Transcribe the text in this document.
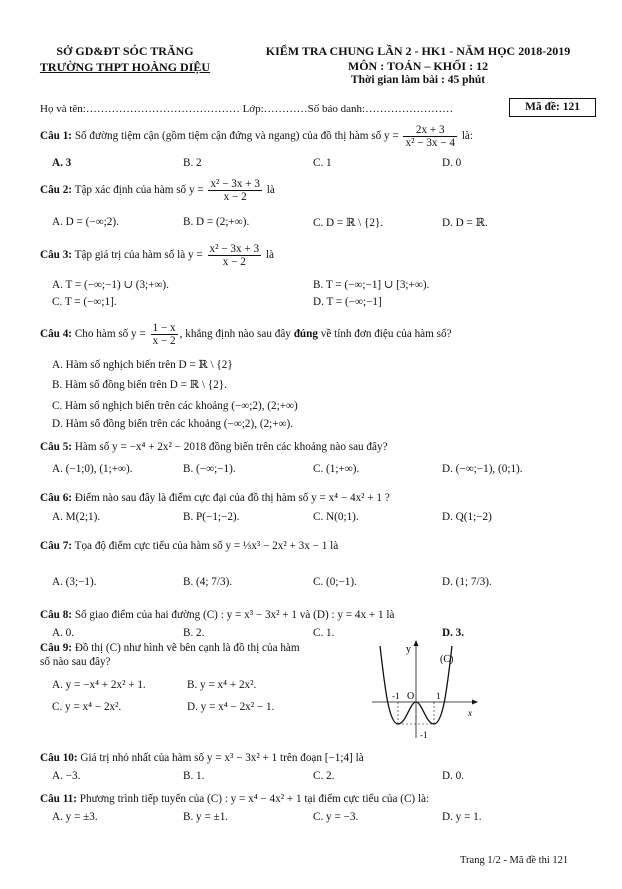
SỞ GD&ĐT SÓC TRĂNG
TRƯỜNG THPT HOÀNG DIỆU
KIỂM TRA CHUNG LẦN 2 - HK1 - NĂM HỌC 2018-2019
MÔN : TOÁN – KHỐI : 12
Thời gian làm bài : 45 phút
Họ và tên:…………………………………… Lớp:…………Số báo danh:……………………	Mã đề: 121
Câu 1: Số đường tiệm cận (gồm tiệm cận đứng và ngang) của đồ thị hàm số $y = \frac{2x + 3}{\text{x² − 3x − 4}}$ là:
A. 3	B. 2	C. 1	D. 0
Câu 2: Tập xác định của hàm số $y = \frac{\text{x² − 3x + 3}}{x - 2}$ là
A. D = (−∞;2).	B. D = (2;+∞).	C. D = ℝ \ {2}.	D. D = ℝ.
Câu 3: Tập giá trị của hàm số là $y = \frac{\text{x² − 3x + 3}}{x - 2}$ là
A. T = (−∞;−1) ∪ (3;+∞).	B. T = (−∞;−1] ∪ [3;+∞).
C. T = (−∞;1].	D. T = (−∞;−1]
Câu 4: Cho hàm số $y = \frac{1 - x}{x - 2}$ , khẳng định nào sau đây đúng về tính đơn điệu của hàm số?
A. Hàm số nghịch biến trên D = ℝ \ {2}
B. Hàm số đồng biến trên D = ℝ \ {2}.
C. Hàm số nghịch biến trên các khoảng (−∞;2), (2;+∞)
D. Hàm số đồng biến trên các khoảng (−∞;2), (2;+∞).
Câu 5: Hàm số y = −x⁴ + 2x² − 2018 đồng biến trên các khoảng nào sau đây?
A. (−1;0), (1;+∞).	B. (−∞;−1).	C. (1;+∞).	D. (−∞;−1), (0;1).
Câu 6: Điểm nào sau đây là điểm cực đại của đồ thị hàm số y = x⁴ − 4x² + 1 ?
A. M(2;1).	B. P(−1;−2).	C. N(0;1).	D. Q(1;−2)
Câu 7: Tọa độ điểm cực tiểu của hàm số y = ⅓x³ − 2x² + 3x − 1 là
A. (3;−1).	B. (4; 7/3).	C. (0;−1).	D. (1; 7/3).
Câu 8: Số giao điểm của hai đường (C) : y = x³ − 3x² + 1 và (D) : y = 4x + 1 là
A. 0.	B. 2.	C. 1.	D. 3.
Câu 9: Đồ thị (C) như hình vẽ bên cạnh là đồ thị của hàm
số nào sau đây?
A. y = −x⁴ + 2x² + 1.	B. y = x⁴ + 2x².
C. y = x⁴ − 2x².	D. y = x⁴ − 2x² − 1.
y
(C)
x
O
-1	1
-1
Câu 10: Giá trị nhỏ nhất của hàm số y = x³ − 3x² + 1 trên đoạn [−1;4] là
A. −3.	B. 1.	C. 2.	D. 0.
Câu 11: Phương trình tiếp tuyến của (C) : y = x⁴ − 4x² + 1 tại điểm cực tiểu của (C) là:
A. y = ±3.	B. y = ±1.	C. y = −3.	D. y = 1.
Trang 1/2 - Mã đề thi 121
